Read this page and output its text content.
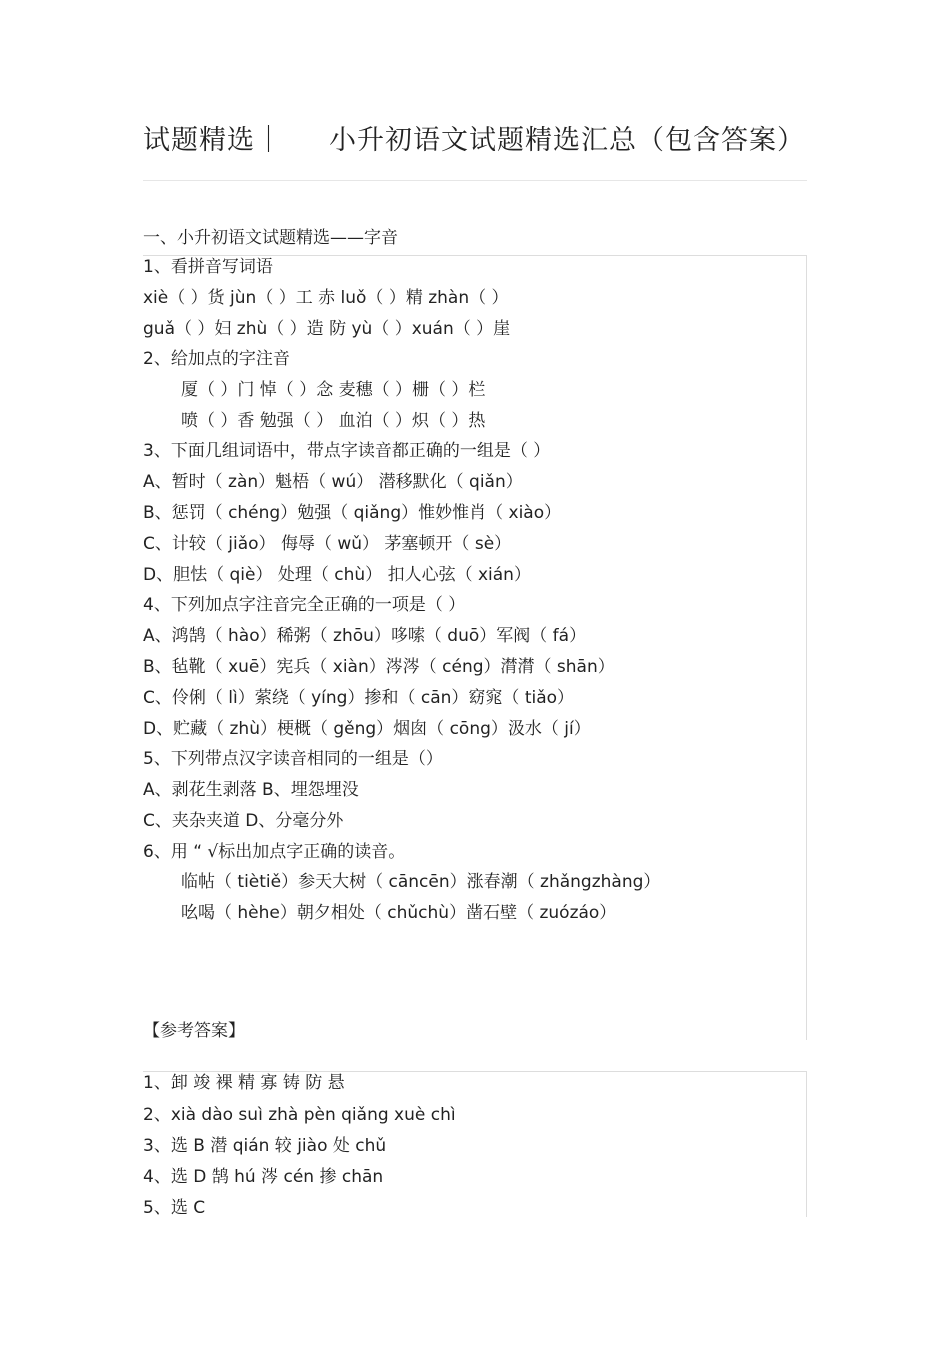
试题精选｜ 小升初语文试题精选汇总（包含答案）
一、小升初语文试题精选——字音
1、看拼音写词语
xiè（ ）货 jùn（ ）工 赤 luǒ（ ）精 zhàn（ ）
guǎ（ ）妇 zhù（ ）造 防 yù（ ）xuán（ ）崖
2、给加点的字注音
厦（ ）门 悼（ ）念 麦穗（ ）栅（ ）栏
喷（ ）香 勉强（ ） 血泊（ ）炽（ ）热
3、下面几组词语中，带点字读音都正确的一组是（ ）
A、暂时（ zàn）魁梧（ wú） 潜移默化（ qiǎn）
B、惩罚（ chéng）勉强（ qiǎng）惟妙惟肖（ xiào）
C、计较（ jiǎo） 侮辱（ wǔ） 茅塞顿开（ sè）
D、胆怯（ qiè） 处理（ chù） 扣人心弦（ xián）
4、下列加点字注音完全正确的一项是（ ）
A、鸿鹄（ hào）稀粥（ zhōu）哆嗦（ duō）军阀（ fá）
B、毡靴（ xuē）宪兵（ xiàn）涔涔（ céng）潸潸（ shān）
C、伶俐（ lì）萦绕（ yíng）掺和（ cān）窈窕（ tiǎo）
D、贮藏（ zhù）梗概（ gěng）烟囱（ cōng）汲水（ jí）
5、下列带点汉字读音相同的一组是（）
A、剥花生剥落 B、埋怨埋没
C、夹杂夹道 D、分毫分外
6、用 “ √标出加点字正确的读音。
临帖（ tiètiě）参天大树（ cāncēn）涨春潮（ zhǎngzhàng）
吆喝（ hèhe）朝夕相处（ chǔchù）凿石壁（ zuózáo）
【参考答案】
1、卸 竣 裸 精 寡 铸 防 悬
2、xià dào suì zhà pèn qiǎng xuè chì
3、选 B 潜 qián 较 jiào 处 chǔ
4、选 D 鹄 hú 涔 cén 掺 chān
5、选 C
